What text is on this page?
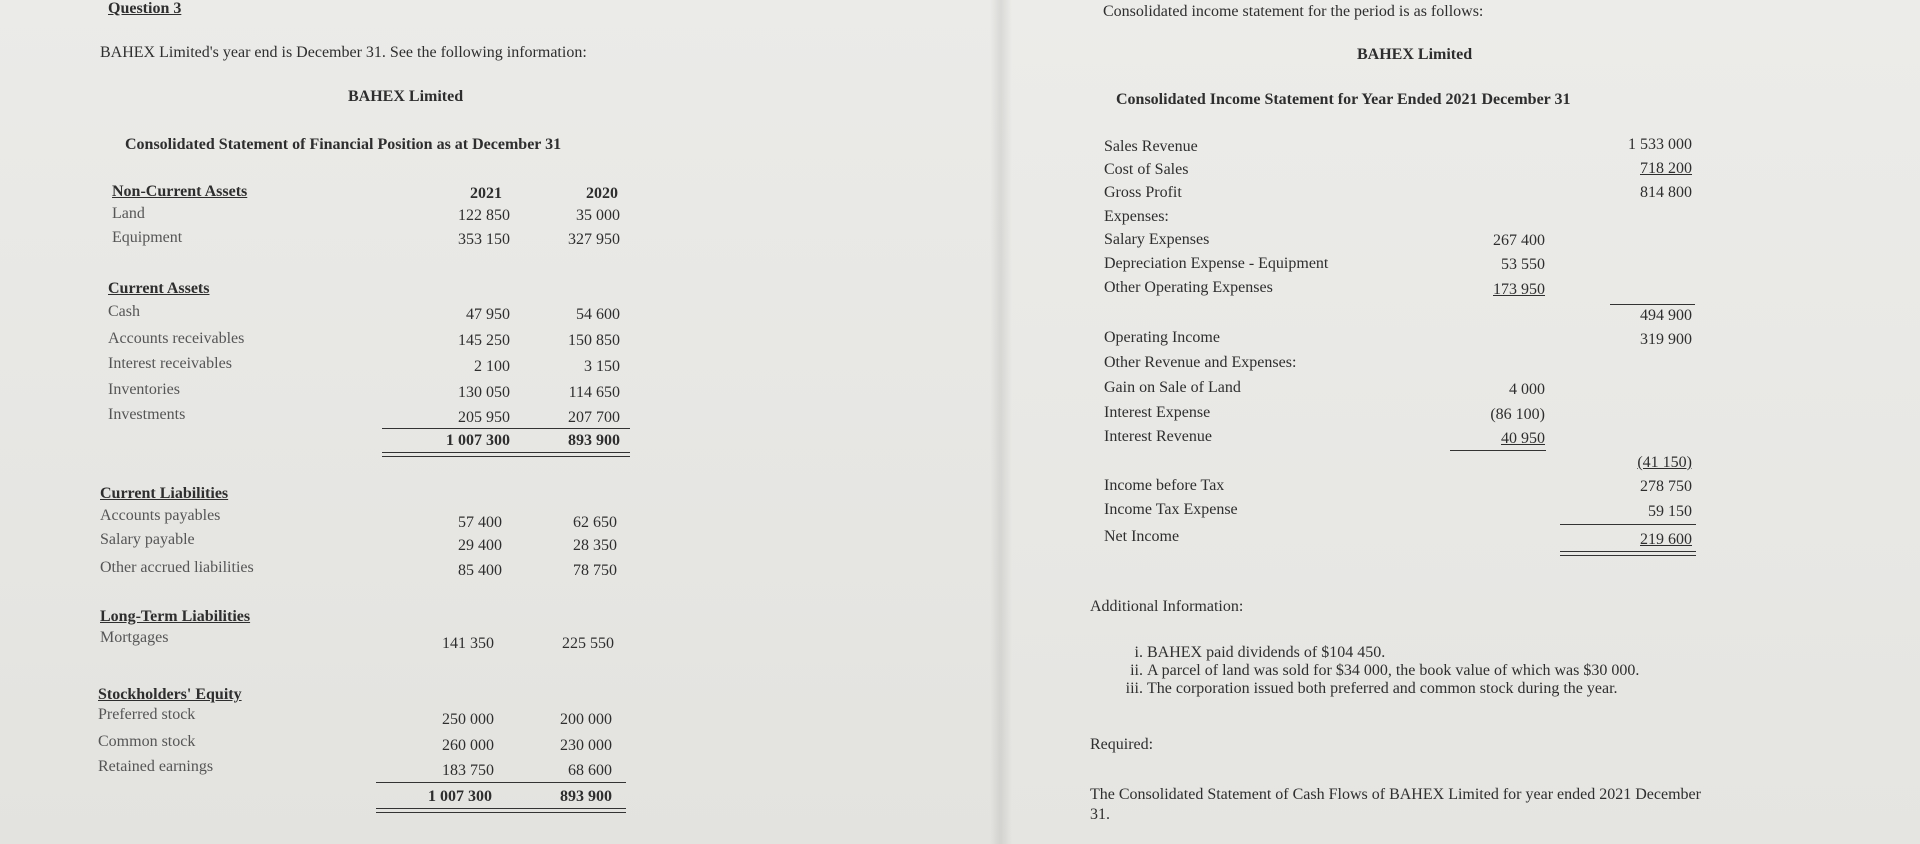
Question 3
BAHEX Limited's year end is December 31. See the following information:
BAHEX Limited
Consolidated Statement of Financial Position as at December 31
2021	2020
Non-Current Assets
Land	122 850	35 000
Equipment	353 150	327 950
Current Assets
Cash	47 950	54 600
Accounts receivables	145 250	150 850
Interest receivables	2 100	3 150
Inventories	130 050	114 650
Investments	205 950	207 700
1 007 300	893 900
Current Liabilities
Accounts payables	57 400	62 650
Salary payable	29 400	28 350
Other accrued liabilities	85 400	78 750
Long-Term Liabilities
Mortgages	141 350	225 550
Stockholders' Equity
Preferred stock	250 000	200 000
Common stock	260 000	230 000
Retained earnings	183 750	68 600
1 007 300	893 900
Consolidated income statement for the period is as follows:
BAHEX Limited
Consolidated Income Statement for Year Ended 2021 December 31
Sales Revenue	1 533 000
Cost of Sales	718 200
Gross Profit	814 800
Expenses:
Salary Expenses	267 400
Depreciation Expense - Equipment	53 550
Other Operating Expenses	173 950
494 900
Operating Income	319 900
Other Revenue and Expenses:
Gain on Sale of Land	4 000
Interest Expense	(86 100)
Interest Revenue	40 950
(41 150)
Income before Tax	278 750
Income Tax Expense	59 150
Net Income	219 600
Additional Information:
i. BAHEX paid dividends of $104 450.
ii. A parcel of land was sold for $34 000, the book value of which was $30 000.
iii. The corporation issued both preferred and common stock during the year.
Required:
The Consolidated Statement of Cash Flows of BAHEX Limited for year ended 2021 December
31.
